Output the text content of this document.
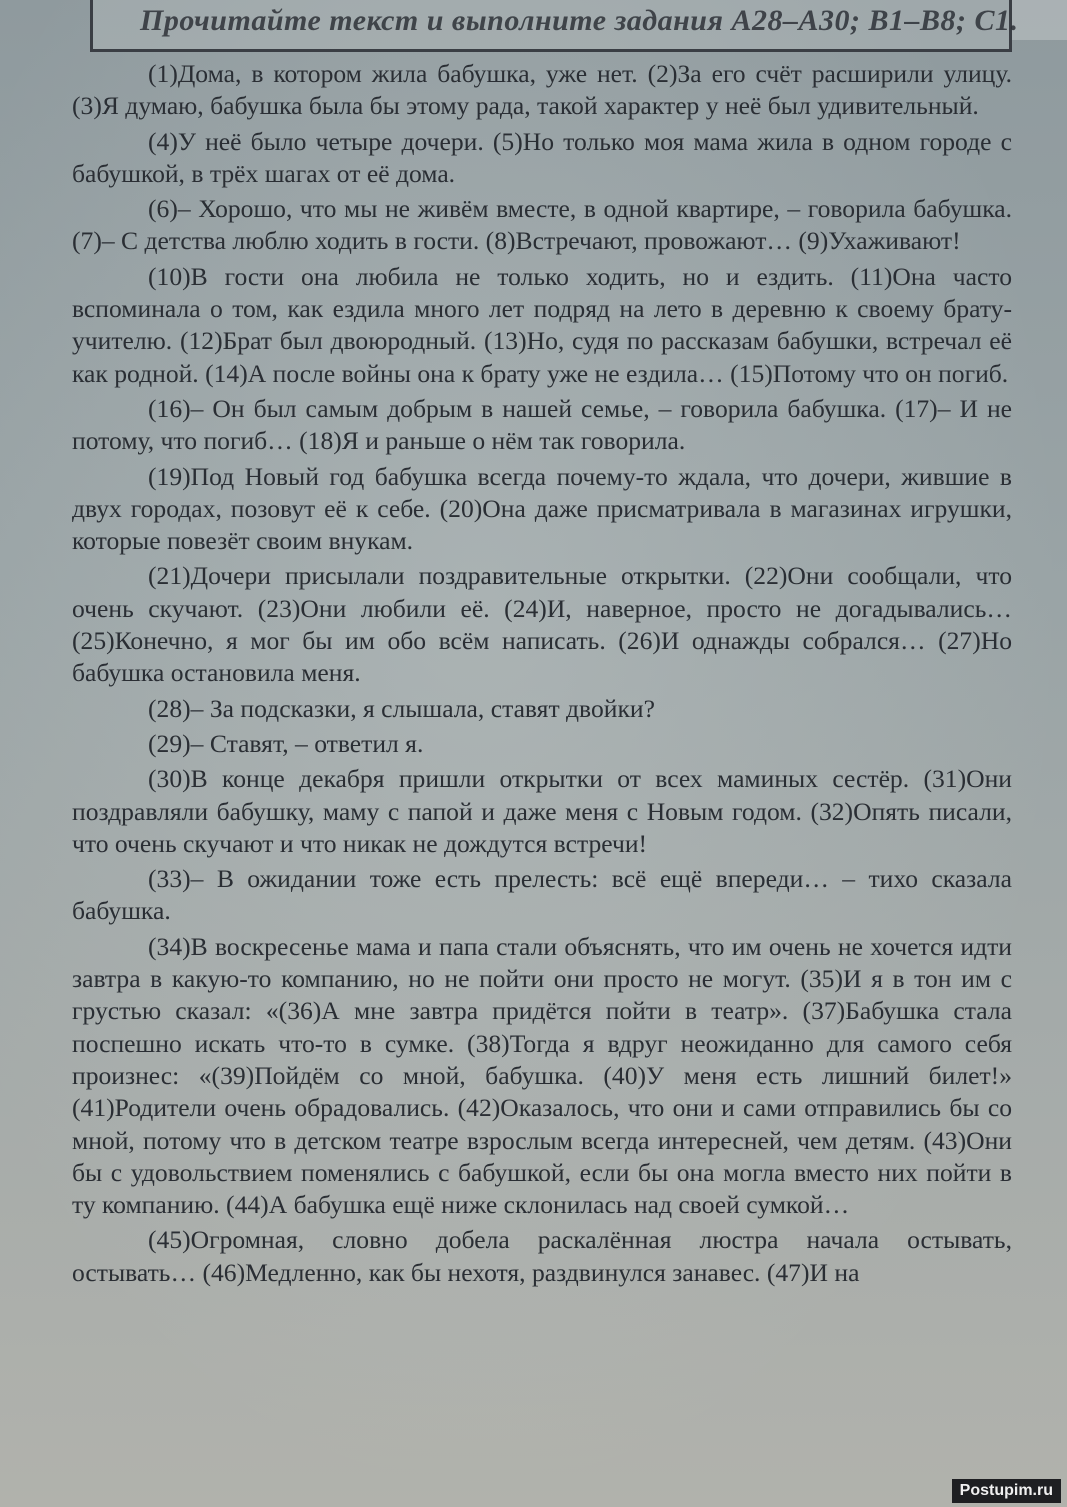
Прочитайте текст и выполните задания А28–А30; В1–В8; С1.

(1)Дома, в котором жила бабушка, уже нет. (2)За его счёт расширили улицу. (3)Я думаю, бабушка была бы этому рада, такой характер у неё был удивительный.

(4)У неё было четыре дочери. (5)Но только моя мама жила в одном городе с бабушкой, в трёх шагах от её дома.

(6)– Хорошо, что мы не живём вместе, в одной квартире, – говорила бабушка. (7)– С детства люблю ходить в гости. (8)Встречают, провожают… (9)Ухаживают!

(10)В гости она любила не только ходить, но и ездить. (11)Она часто вспоминала о том, как ездила много лет подряд на лето в деревню к своему брату-учителю. (12)Брат был двоюродный. (13)Но, судя по рассказам бабушки, встречал её как родной. (14)А после войны она к брату уже не ездила… (15)Потому что он погиб.

(16)– Он был самым добрым в нашей семье, – говорила бабушка. (17)– И не потому, что погиб… (18)Я и раньше о нём так говорила.

(19)Под Новый год бабушка всегда почему-то ждала, что дочери, жившие в двух городах, позовут её к себе. (20)Она даже присматривала в магазинах игрушки, которые повезёт своим внукам.

(21)Дочери присылали поздравительные открытки. (22)Они сообщали, что очень скучают. (23)Они любили её. (24)И, наверное, просто не догадывались… (25)Конечно, я мог бы им обо всём написать. (26)И однажды собрался… (27)Но бабушка остановила меня.

(28)– За подсказки, я слышала, ставят двойки?

(29)– Ставят, – ответил я.

(30)В конце декабря пришли открытки от всех маминых сестёр. (31)Они поздравляли бабушку, маму с папой и даже меня с Новым годом. (32)Опять писали, что очень скучают и что никак не дождутся встречи!

(33)– В ожидании тоже есть прелесть: всё ещё впереди… – тихо сказала бабушка.

(34)В воскресенье мама и папа стали объяснять, что им очень не хочется идти завтра в какую-то компанию, но не пойти они просто не могут. (35)И я в тон им с грустью сказал: «(36)А мне завтра придётся пойти в театр». (37)Бабушка стала поспешно искать что-то в сумке. (38)Тогда я вдруг неожиданно для самого себя произнес: «(39)Пойдём со мной, бабушка. (40)У меня есть лишний билет!» (41)Родители очень обрадовались. (42)Оказалось, что они и сами отправились бы со мной, потому что в детском театре взрослым всегда интересней, чем детям. (43)Они бы с удовольствием поменялись с бабушкой, если бы она могла вместо них пойти в ту компанию. (44)А бабушка ещё ниже склонилась над своей сумкой…

(45)Огромная, словно добела раскалённая люстра начала остывать, остывать… (46)Медленно, как бы нехотя, раздвинулся занавес. (47)И на

Postupim.ru
